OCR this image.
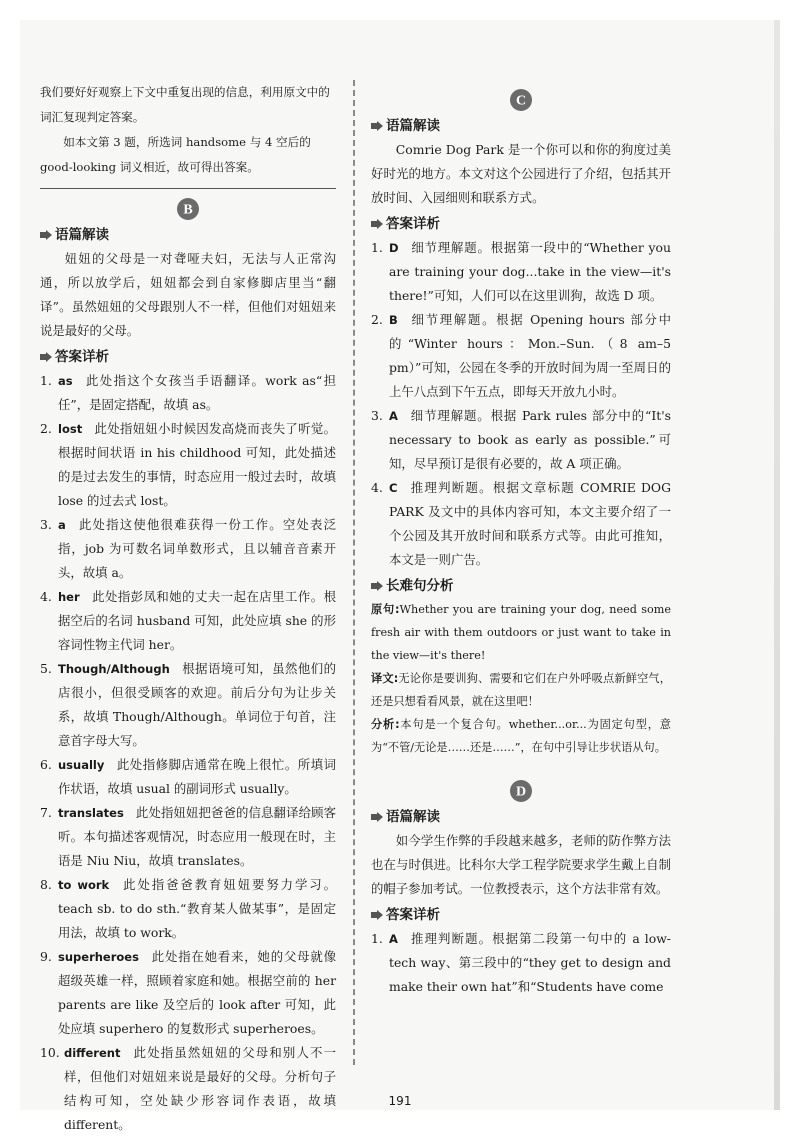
我们要好好观察上下文中重复出现的信息，利用原文中的词汇复现判定答案。

如本文第 3 题，所选词 handsome 与 4 空后的 good-looking 词义相近，故可得出答案。

B
语篇解读

妞妞的父母是一对聋哑夫妇，无法与人正常沟通，所以放学后，妞妞都会到自家修脚店里当“翻译”。虽然妞妞的父母跟别人不一样，但他们对妞妞来说是最好的父母。

答案详析
1. as 此处指这个女孩当手语翻译。work as“担任”，是固定搭配，故填 as。
2. lost 此处指妞妞小时候因发高烧而丧失了听觉。根据时间状语 in his childhood 可知，此处描述的是过去发生的事情，时态应用一般过去时，故填 lose 的过去式 lost。
3. a 此处指这使他很难获得一份工作。空处表泛指，job 为可数名词单数形式，且以辅音音素开头，故填 a。
4. her 此处指彭凤和她的丈夫一起在店里工作。根据空后的名词 husband 可知，此处应填 she 的形容词性物主代词 her。
5. Though/Although 根据语境可知，虽然他们的店很小，但很受顾客的欢迎。前后分句为让步关系，故填 Though/Although。单词位于句首，注意首字母大写。
6. usually 此处指修脚店通常在晚上很忙。所填词作状语，故填 usual 的副词形式 usually。
7. translates 此处指妞妞把爸爸的信息翻译给顾客听。本句描述客观情况，时态应用一般现在时，主语是 Niu Niu，故填 translates。
8. to work 此处指爸爸教育妞妞要努力学习。teach sb. to do sth.“教育某人做某事”，是固定用法，故填 to work。
9. superheroes 此处指在她看来，她的父母就像超级英雄一样，照顾着家庭和她。根据空前的 her parents are like 及空后的 look after 可知，此处应填 superhero 的复数形式 superheroes。
10. different 此处指虽然妞妞的父母和别人不一样，但他们对妞妞来说是最好的父母。分析句子结构可知，空处缺少形容词作表语，故填 different。
C
语篇解读

Comrie Dog Park 是一个你可以和你的狗度过美好时光的地方。本文对这个公园进行了介绍，包括其开放时间、入园细则和联系方式。

答案详析
1. D 细节理解题。根据第一段中的“Whether you are training your dog...take in the view—it's there!”可知，人们可以在这里训狗，故选 D 项。
2. B 细节理解题。根据 Opening hours 部分中的“Winter hours：Mon.–Sun.（8 am–5 pm）”可知，公园在冬季的开放时间为周一至周日的上午八点到下午五点，即每天开放九小时。
3. A 细节理解题。根据 Park rules 部分中的“It's necessary to book as early as possible.”可知，尽早预订是很有必要的，故 A 项正确。
4. C 推理判断题。根据文章标题 COMRIE DOG PARK 及文中的具体内容可知，本文主要介绍了一个公园及其开放时间和联系方式等。由此可推知，本文是一则广告。
长难句分析

原句:Whether you are training your dog, need some fresh air with them outdoors or just want to take in the view—it's there!

译文:无论你是要训狗、需要和它们在户外呼吸点新鲜空气，还是只想看看风景，就在这里吧！

分析:本句是一个复合句。whether...or...为固定句型，意为“不管/无论是……还是……”，在句中引导让步状语从句。

D
语篇解读

如今学生作弊的手段越来越多，老师的防作弊方法也在与时俱进。比科尔大学工程学院要求学生戴上自制的帽子参加考试。一位教授表示，这个方法非常有效。

答案详析
1. A 推理判断题。根据第二段第一句中的 a low-tech way、第三段中的“they get to design and make their own hat”和“Students have come
191
